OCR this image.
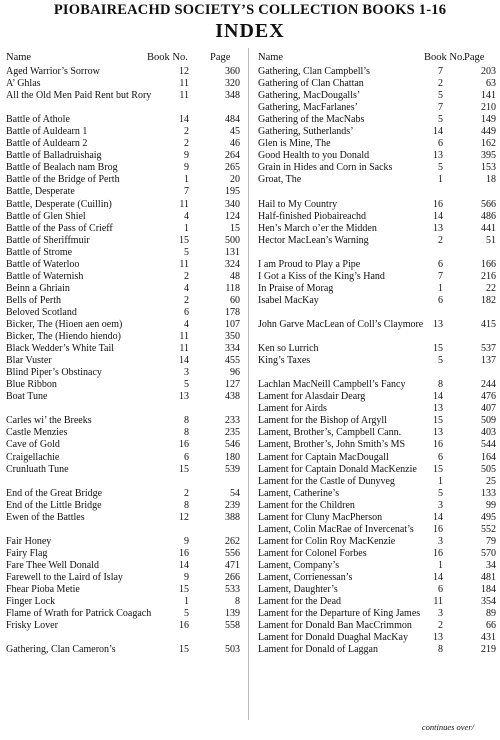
PIOBAIREACHD SOCIETY’S COLLECTION BOOKS 1-16
INDEX
Name	Book No. Page
Aged Warrior’s Sorrow	12	360
A’ Ghlas	11	320
All the Old Men Paid Rent but Rory	11	348
Battle of Athole	14	484
Battle of Auldearn 1	2	45
Battle of Auldearn 2	2	46
Battle of Balladruishaig	9	264
Battle of Bealach nam Brog	9	265
Battle of the Bridge of Perth	1	20
Battle, Desperate	7	195
Battle, Desperate (Cuillin)	11	340
Battle of Glen Shiel	4	124
Battle of the Pass of Crieff	1	15
Battle of Sheriffmuir	15	500
Battle of Strome	5	131
Battle of Waterloo	11	324
Battle of Waternish	2	48
Beinn a Ghriain	4	118
Bells of Perth	2	60
Beloved Scotland	6	178
Bicker, The (Hioen aen oem)	4	107
Bicker, The (Hiendo hiendo)	11	350
Black Wedder’s White Tail	11	334
Blar Vuster	14	455
Blind Piper’s Obstinacy	3	96
Blue Ribbon	5	127
Boat Tune	13	438
Carles wi’ the Breeks	8	233
Castle Menzies	8	235
Cave of Gold	16	546
Craigellachie	6	180
Crunluath Tune	15	539
End of the Great Bridge	2	54
End of the Little Bridge	8	239
Ewen of the Battles	12	388
Fair Honey	9	262
Fairy Flag	16	556
Fare Thee Well Donald	14	471
Farewell to the Laird of Islay	9	266
Fhear Pioba Metie	15	533
Finger Lock	1	8
Flame of Wrath for Patrick Coagach	5	139
Frisky Lover	16	558
Gathering, Clan Cameron’s	15	503
Name	Book No. Page
Gathering, Clan Campbell’s	7	203
Gathering of Clan Chattan	2	63
Gathering, MacDougalls’	5	141
Gathering, MacFarlanes’	7	210
Gathering of the MacNabs	5	149
Gathering, Sutherlands’	14	449
Glen is Mine, The	6	162
Good Health to you Donald	13	395
Grain in Hides and Corn in Sacks	5	153
Groat, The	1	18
Hail to My Country	16	566
Half-finished Piobaireachd	14	486
Hen’s March o’er the Midden	13	441
Hector MacLean’s Warning	2	51
I am Proud to Play a Pipe	6	166
I Got a Kiss of the King’s Hand	7	216
In Praise of Morag	1	22
Isabel MacKay	6	182
John Garve MacLean of Coll’s Claymore 13	415
Ken so Lurrich	15	537
King’s Taxes	5	137
Lachlan MacNeill Campbell’s Fancy	8	244
Lament for Alasdair Dearg	14	476
Lament for Airds	13	407
Lament for the Bishop of Argyll	15	509
Lament, Brother’s, Campbell Cann.	13	403
Lament, Brother’s, John Smith’s MS	16	544
Lament for Captain MacDougall	6	164
Lament for Captain Donald MacKenzie 15	505
Lament for the Castle of Dunyveg	1	25
Lament, Catherine’s	5	133
Lament for the Children	3	99
Lament for Cluny MacPherson	14	495
Lament, Colin MacRae of Invercenat’s 16	552
Lament for Colin Roy MacKenzie	3	79
Lament for Colonel Forbes	16	570
Lament, Company’s	1	34
Lament, Corrienessan’s	14	481
Lament, Daughter’s	6	184
Lament for the Dead	11	354
Lament for the Departure of King James 3	89
Lament for Donald Ban MacCrimmon	2	66
Lament for Donald Duaghal MacKay	13	431
Lament for Donald of Laggan	8	219
continues over/
